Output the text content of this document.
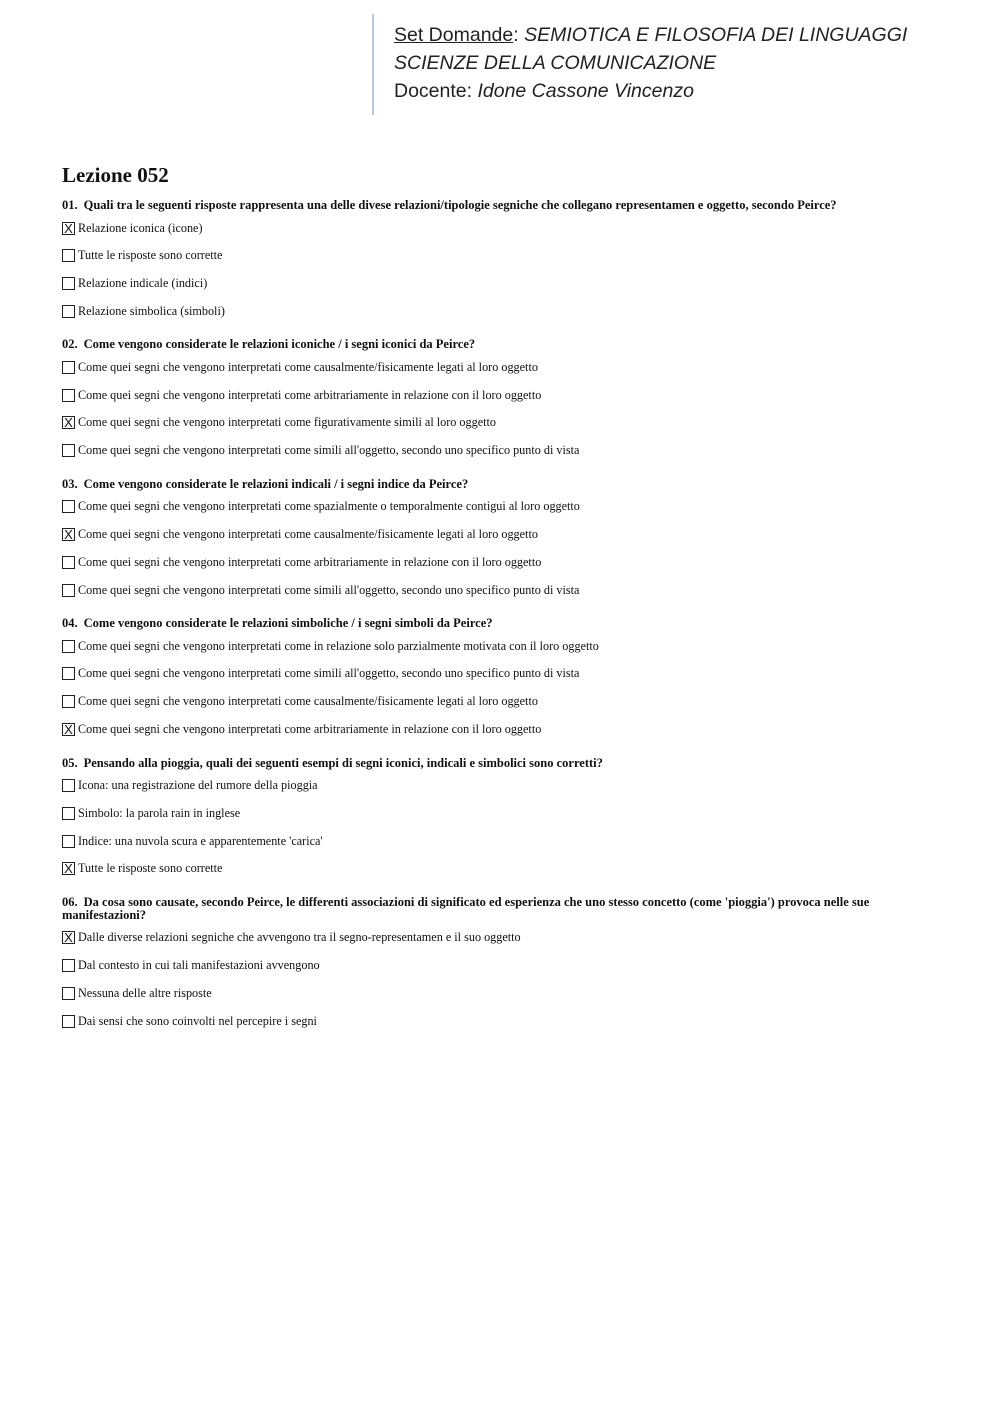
Set Domande: SEMIOTICA E FILOSOFIA DEI LINGUAGGI
SCIENZE DELLA COMUNICAZIONE
Docente: Idone Cassone Vincenzo
Lezione 052

01. Quali tra le seguenti risposte rappresenta una delle divese relazioni/tipologie segniche che collegano representamen e oggetto, secondo Peirce?

X
Relazione iconica (icone)
Tutte le risposte sono corrette
Relazione indicale (indici)
Relazione simbolica (simboli)

02. Come vengono considerate le relazioni iconiche / i segni iconici da Peirce?

Come quei segni che vengono interpretati come causalmente/fisicamente legati al loro oggetto
Come quei segni che vengono interpretati come arbitrariamente in relazione con il loro oggetto
X
Come quei segni che vengono interpretati come figurativamente simili al loro oggetto
Come quei segni che vengono interpretati come simili all'oggetto, secondo uno specifico punto di vista

03. Come vengono considerate le relazioni indicali / i segni indice da Peirce?

Come quei segni che vengono interpretati come spazialmente o temporalmente contigui al loro oggetto
X
Come quei segni che vengono interpretati come causalmente/fisicamente legati al loro oggetto
Come quei segni che vengono interpretati come arbitrariamente in relazione con il loro oggetto
Come quei segni che vengono interpretati come simili all'oggetto, secondo uno specifico punto di vista

04. Come vengono considerate le relazioni simboliche / i segni simboli da Peirce?

Come quei segni che vengono interpretati come in relazione solo parzialmente motivata con il loro oggetto
Come quei segni che vengono interpretati come simili all'oggetto, secondo uno specifico punto di vista
Come quei segni che vengono interpretati come causalmente/fisicamente legati al loro oggetto
X
Come quei segni che vengono interpretati come arbitrariamente in relazione con il loro oggetto

05. Pensando alla pioggia, quali dei seguenti esempi di segni iconici, indicali e simbolici sono corretti?

Icona: una registrazione del rumore della pioggia
Simbolo: la parola rain in inglese
Indice: una nuvola scura e apparentemente 'carica'
X
Tutte le risposte sono corrette

06. Da cosa sono causate, secondo Peirce, le differenti associazioni di significato ed esperienza che uno stesso concetto (come 'pioggia') provoca nelle sue manifestazioni?

X
Dalle diverse relazioni segniche che avvengono tra il segno-representamen e il suo oggetto
Dal contesto in cui tali manifestazioni avvengono
Nessuna delle altre risposte
Dai sensi che sono coinvolti nel percepire i segni
